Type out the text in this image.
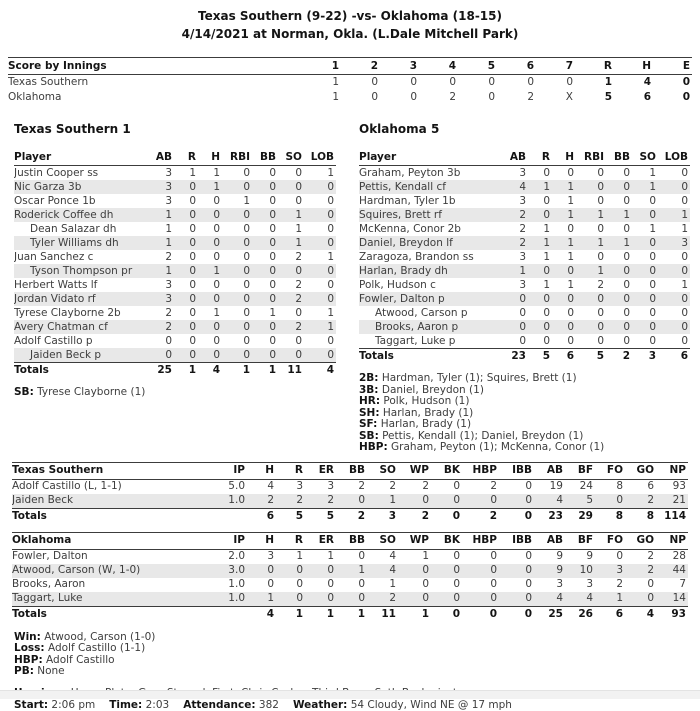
Texas Southern (9-22) -vs- Oklahoma (18-15)
4/14/2021 at Norman, Okla. (L.Dale Mitchell Park)
Score by Innings	1	2	3	4	5	6	7	R	H	E
Texas Southern	1	0	0	0	0	0	0	1	4	0
Oklahoma	1	0	0	2	0	2	X	5	6	0
Texas Southern 1
Player	AB	R	H	RBI	BB	SO	LOB
Justin Cooper ss	3	1	1	0	0	0	1
Nic Garza 3b	3	0	1	0	0	0	0
Oscar Ponce 1b	3	0	0	1	0	0	0
Roderick Coffee dh	1	0	0	0	0	1	0
Dean Salazar dh	1	0	0	0	0	1	0
Tyler Williams dh	1	0	0	0	0	1	0
Juan Sanchez c	2	0	0	0	0	2	1
Tyson Thompson pr	1	0	1	0	0	0	0
Herbert Watts lf	3	0	0	0	0	2	0
Jordan Vidato rf	3	0	0	0	0	2	0
Tyrese Clayborne 2b	2	0	1	0	1	0	1
Avery Chatman cf	2	0	0	0	0	2	1
Adolf Castillo p	0	0	0	0	0	0	0
Jaiden Beck p	0	0	0	0	0	0	0
Totals	25	1	4	1	1	11	4
SB: Tyrese Clayborne (1)
Oklahoma 5
Player	AB	R	H	RBI	BB	SO	LOB
Graham, Peyton 3b	3	0	0	0	0	1	0
Pettis, Kendall cf	4	1	1	0	0	1	0
Hardman, Tyler 1b	3	0	1	0	0	0	0
Squires, Brett rf	2	0	1	1	1	0	1
McKenna, Conor 2b	2	1	0	0	0	1	1
Daniel, Breydon lf	2	1	1	1	1	0	3
Zaragoza, Brandon ss	3	1	1	0	0	0	0
Harlan, Brady dh	1	0	0	1	0	0	0
Polk, Hudson c	3	1	1	2	0	0	1
Fowler, Dalton p	0	0	0	0	0	0	0
Atwood, Carson p	0	0	0	0	0	0	0
Brooks, Aaron p	0	0	0	0	0	0	0
Taggart, Luke p	0	0	0	0	0	0	0
Totals	23	5	6	5	2	3	6
2B: Hardman, Tyler (1); Squires, Brett (1)
3B: Daniel, Breydon (1)
HR: Polk, Hudson (1)
SH: Harlan, Brady (1)
SF: Harlan, Brady (1)
SB: Pettis, Kendall (1); Daniel, Breydon (1)
HBP: Graham, Peyton (1); McKenna, Conor (1)
Texas Southern	IP	H	R	ER	BB	SO	WP	BK	HBP	IBB	AB	BF	FO	GO	NP
Adolf Castillo (L, 1-1)	5.0	4	3	3	2	2	2	0	2	0	19	24	8	6	93
Jaiden Beck	1.0	2	2	2	0	1	0	0	0	0	4	5	0	2	21
Totals		6	5	5	2	3	2	0	2	0	23	29	8	8	114
Oklahoma	IP	H	R	ER	BB	SO	WP	BK	HBP	IBB	AB	BF	FO	GO	NP
Fowler, Dalton	2.0	3	1	1	0	4	1	0	0	0	9	9	0	2	28
Atwood, Carson (W, 1-0)	3.0	0	0	0	1	4	0	0	0	0	9	10	3	2	44
Brooks, Aaron	1.0	0	0	0	0	1	0	0	0	0	3	3	2	0	7
Taggart, Luke	1.0	1	0	0	0	2	0	0	0	0	4	4	1	0	14
Totals		4	1	1	1	11	1	0	0	0	25	26	6	4	93
Win: Atwood, Carson (1-0)
Loss: Adolf Castillo (1-1)
HBP: Adolf Castillo
PB: None
Start: 2:06 pm Time: 2:03 Attendance: 382 Weather: 54 Cloudy, Wind NE @ 17 mph
